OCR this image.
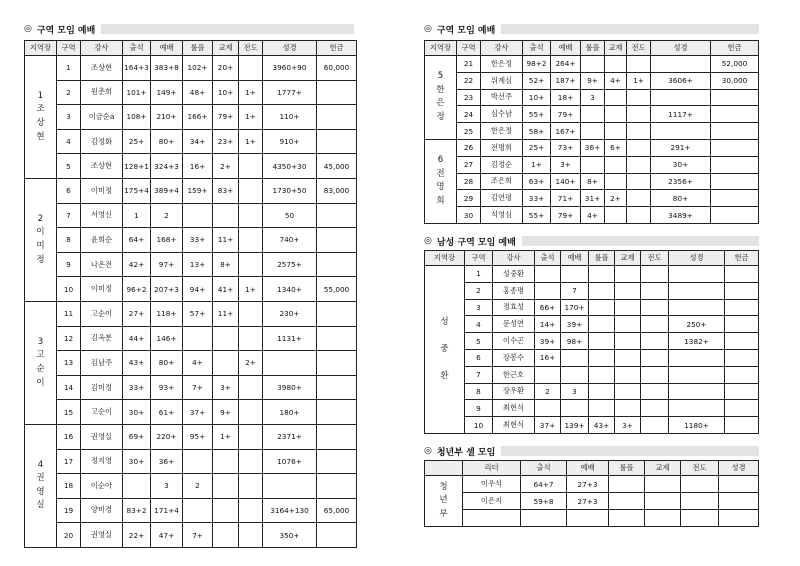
◎ 구역 모임 예배
지역장	구역	강사	출석	예배	룰플	교제	전도	성경	헌금
1
조
상
현	1	조상현	164+3	383+8	102+	20+		3960+90	60,000
	2	원춘희	101+	149+	48+	10+	1+	1777+	
	3	이금순a	108+	210+	166+	79+	1+	110+	
	4	김정화	25+	80+	34+	23+	1+	910+	
	5	조상현	128+1	324+3	16+	2+		4350+30	45,000
2
이
미
정	6	이미정	175+4	389+4	159+	83+		1730+50	83,000
	7	서영신	1	2				50	
	8	윤희순	64+	168+	33+	11+		740+	
	9	나온전	42+	97+	13+	8+		2575+	
	10	이미정	96+2	207+3	94+	41+	1+	1340+	55,000
3
고
순
이	11	고순이	27+	118+	57+	11+		230+	
	12	김옥분	44+	146+				1131+	
	13	김남주	43+	80+	4+		2+		
	14	김미정	33+	93+	7+	3+		3980+	
	15	고순이	30+	61+	37+	9+		180+	
4
권
영
실	16	권영실	69+	220+	95+	1+		2371+	
	17	정지영	30+	36+				1076+	
	18	이순아		3	2				
	19	양미경	83+2	171+4				3164+130	65,000
	20	권영실	22+	47+	7+			350+	
◎ 구역 모임 예배
지역장	구역	강사	출석	예배	룰플	교제	전도	성경	헌금
5
한
은
정	21	한은정	98+2	264+					52,000
	22	위계심	52+	187+	9+	4+	1+	3606+	30,000
	23	박선주	10+	18+	3				
	24	심수남	55+	79+				1117+	
	25	한은정	58+	167+					
6
전
명
희	26	전명희	25+	73+	36+	6+		291+	
	27	김정순	1+	3+				30+	
	28	조은희	63+	140+	8+			2356+	
	29	김연평	33+	71+	31+	2+		80+	
	30	석영심	55+	79+	4+			3489+	
◎ 남성 구역 모임 예배
지역장	구역	강사	출석	예배	룰플	교제	전도	성경	헌금
성

중

환	1	성중환							
	2	홍종명		7					
	3	정효성	66+	170+					
	4	문성연	14+	39+				250+	
	5	이수곤	39+	98+				1382+	
	6	장봉수	16+						
	7	한근호							
	8	장우환	2	3					
	9	최현식							
	10	최현식	37+	139+	43+	3+		1180+	
◎ 청년부 셀 모임
	리더	출석	예배	룰플	교제	전도	성경
청
년
부	이우석	64+7	27+3				
	이은지	59+8	27+3				
